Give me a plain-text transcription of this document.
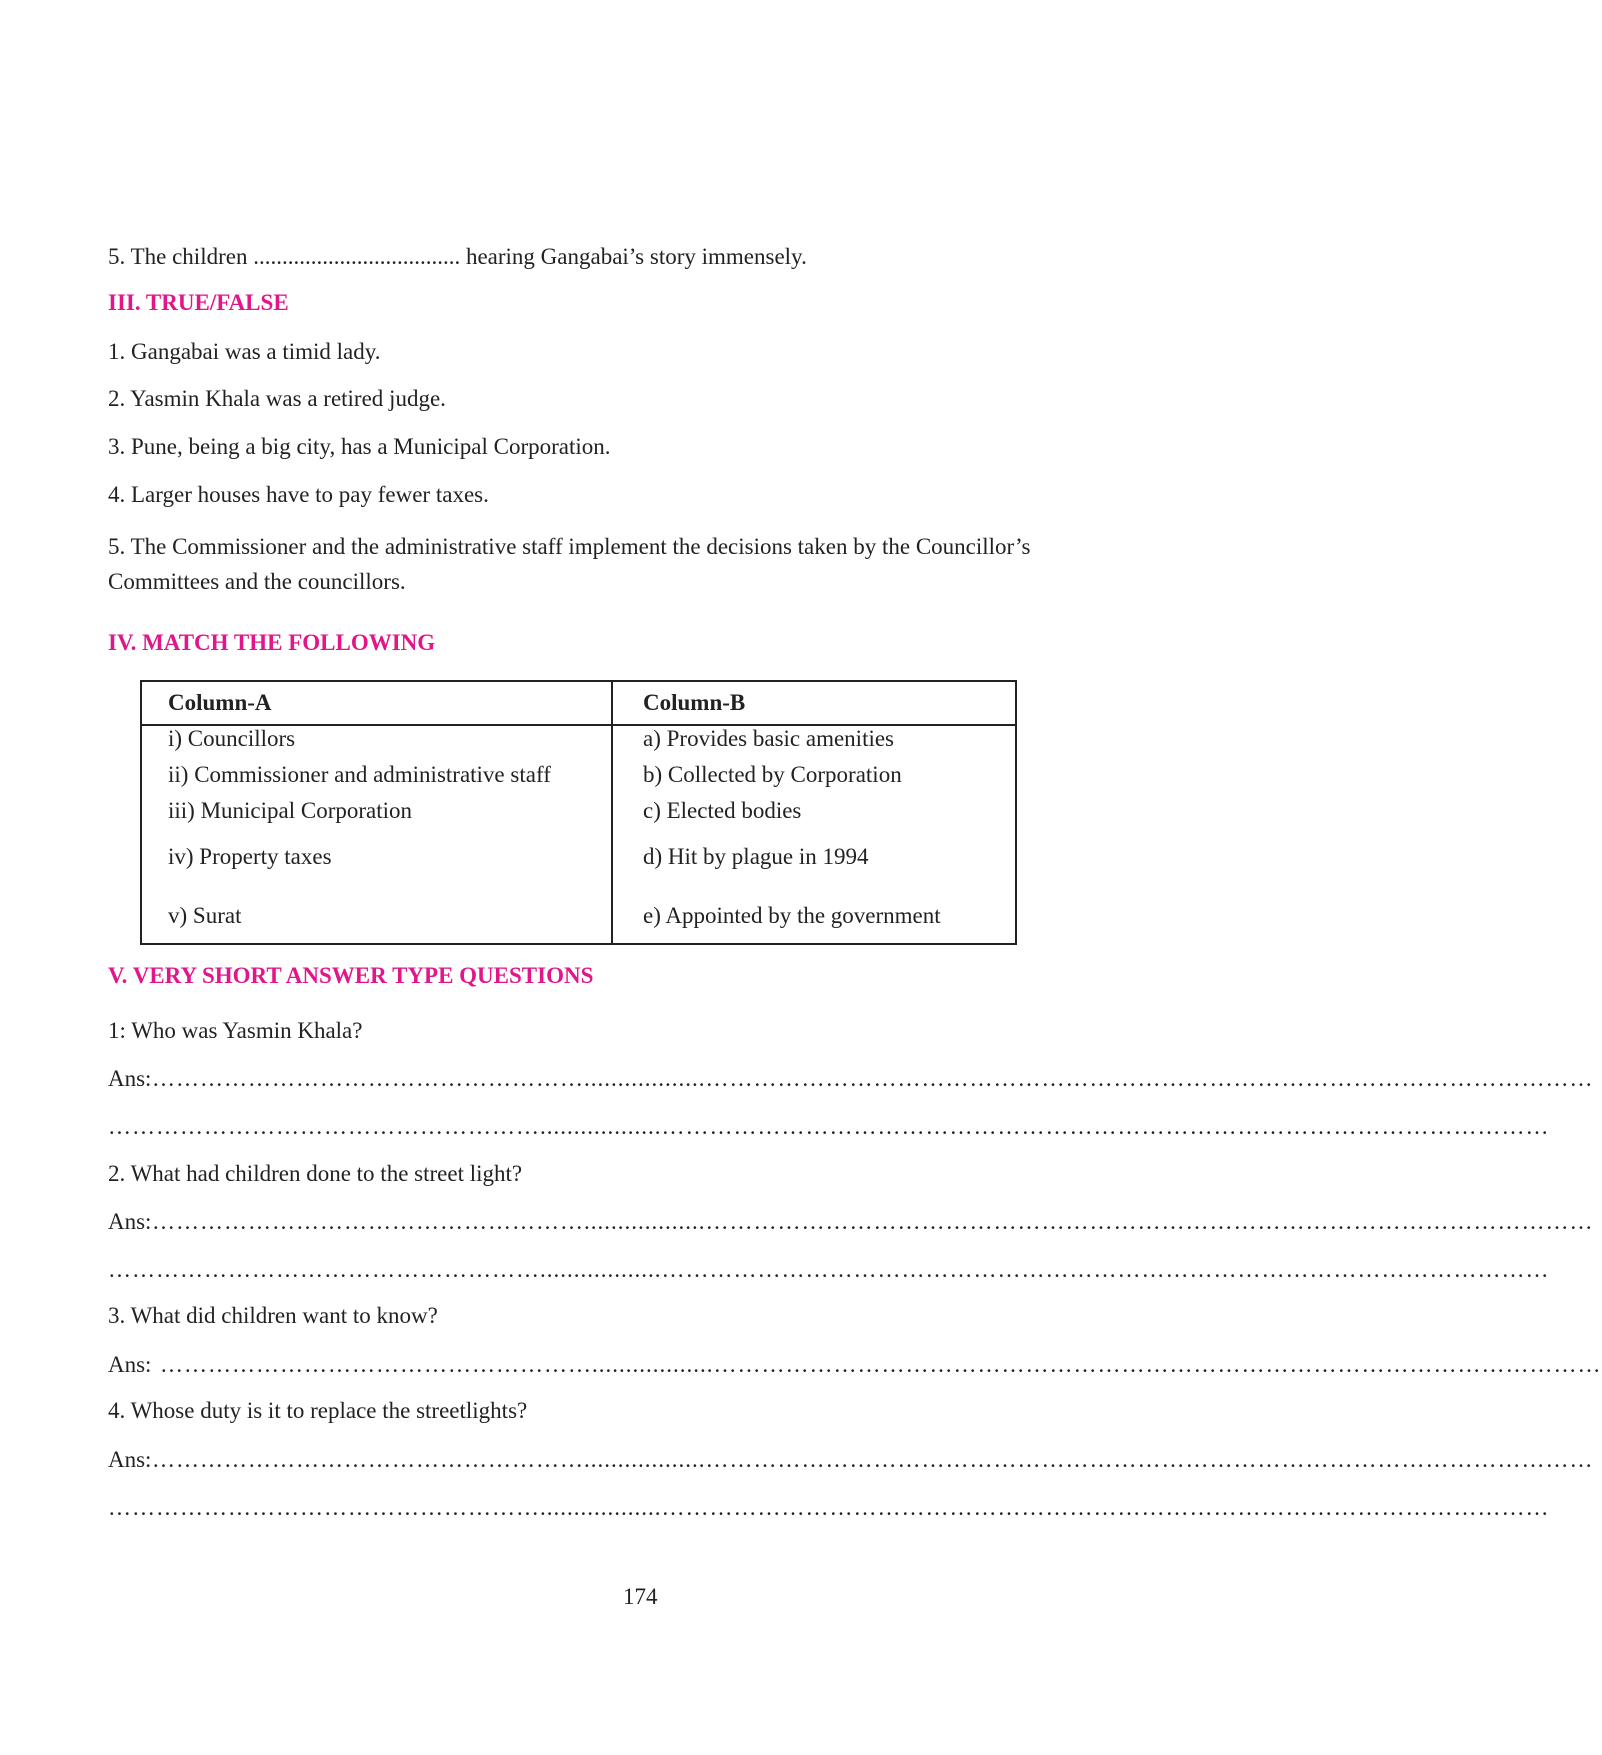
5. The children .................................... hearing Gangabai’s story immensely.
III. TRUE/FALSE
1. Gangabai was a timid lady.
2. Yasmin Khala was a retired judge.
3. Pune, being a big city, has a Municipal Corporation.
4. Larger houses have to pay fewer taxes.
5. The Commissioner and the administrative staff implement the decisions taken by the Councillor’s Committees and the councillors.
IV. MATCH THE FOLLOWING
Column-A	Column-B
i) Councillors
ii) Commissioner and administrative staff
iii) Municipal Corporation
iv) Property taxes
v) Surat
a) Provides basic amenities
b) Collected by Corporation
c) Elected bodies
d) Hit by plague in 1994
e) Appointed by the government
V. VERY SHORT ANSWER TYPE QUESTIONS
1: Who was Yasmin Khala?
Ans: ………………………………………………..................…………………………………………………………………………………………………
………………………………………………..................…………………………………………………………………………………………………
2. What had children done to the street light?
Ans: ………………………………………………..................…………………………………………………………………………………………………
………………………………………………..................…………………………………………………………………………………………………
3. What did children want to know?
Ans: ………………………………………………..................…………………………………………………………………………………………………
4. Whose duty is it to replace the streetlights?
Ans: ………………………………………………..................…………………………………………………………………………………………………
………………………………………………..................…………………………………………………………………………………………………
174
